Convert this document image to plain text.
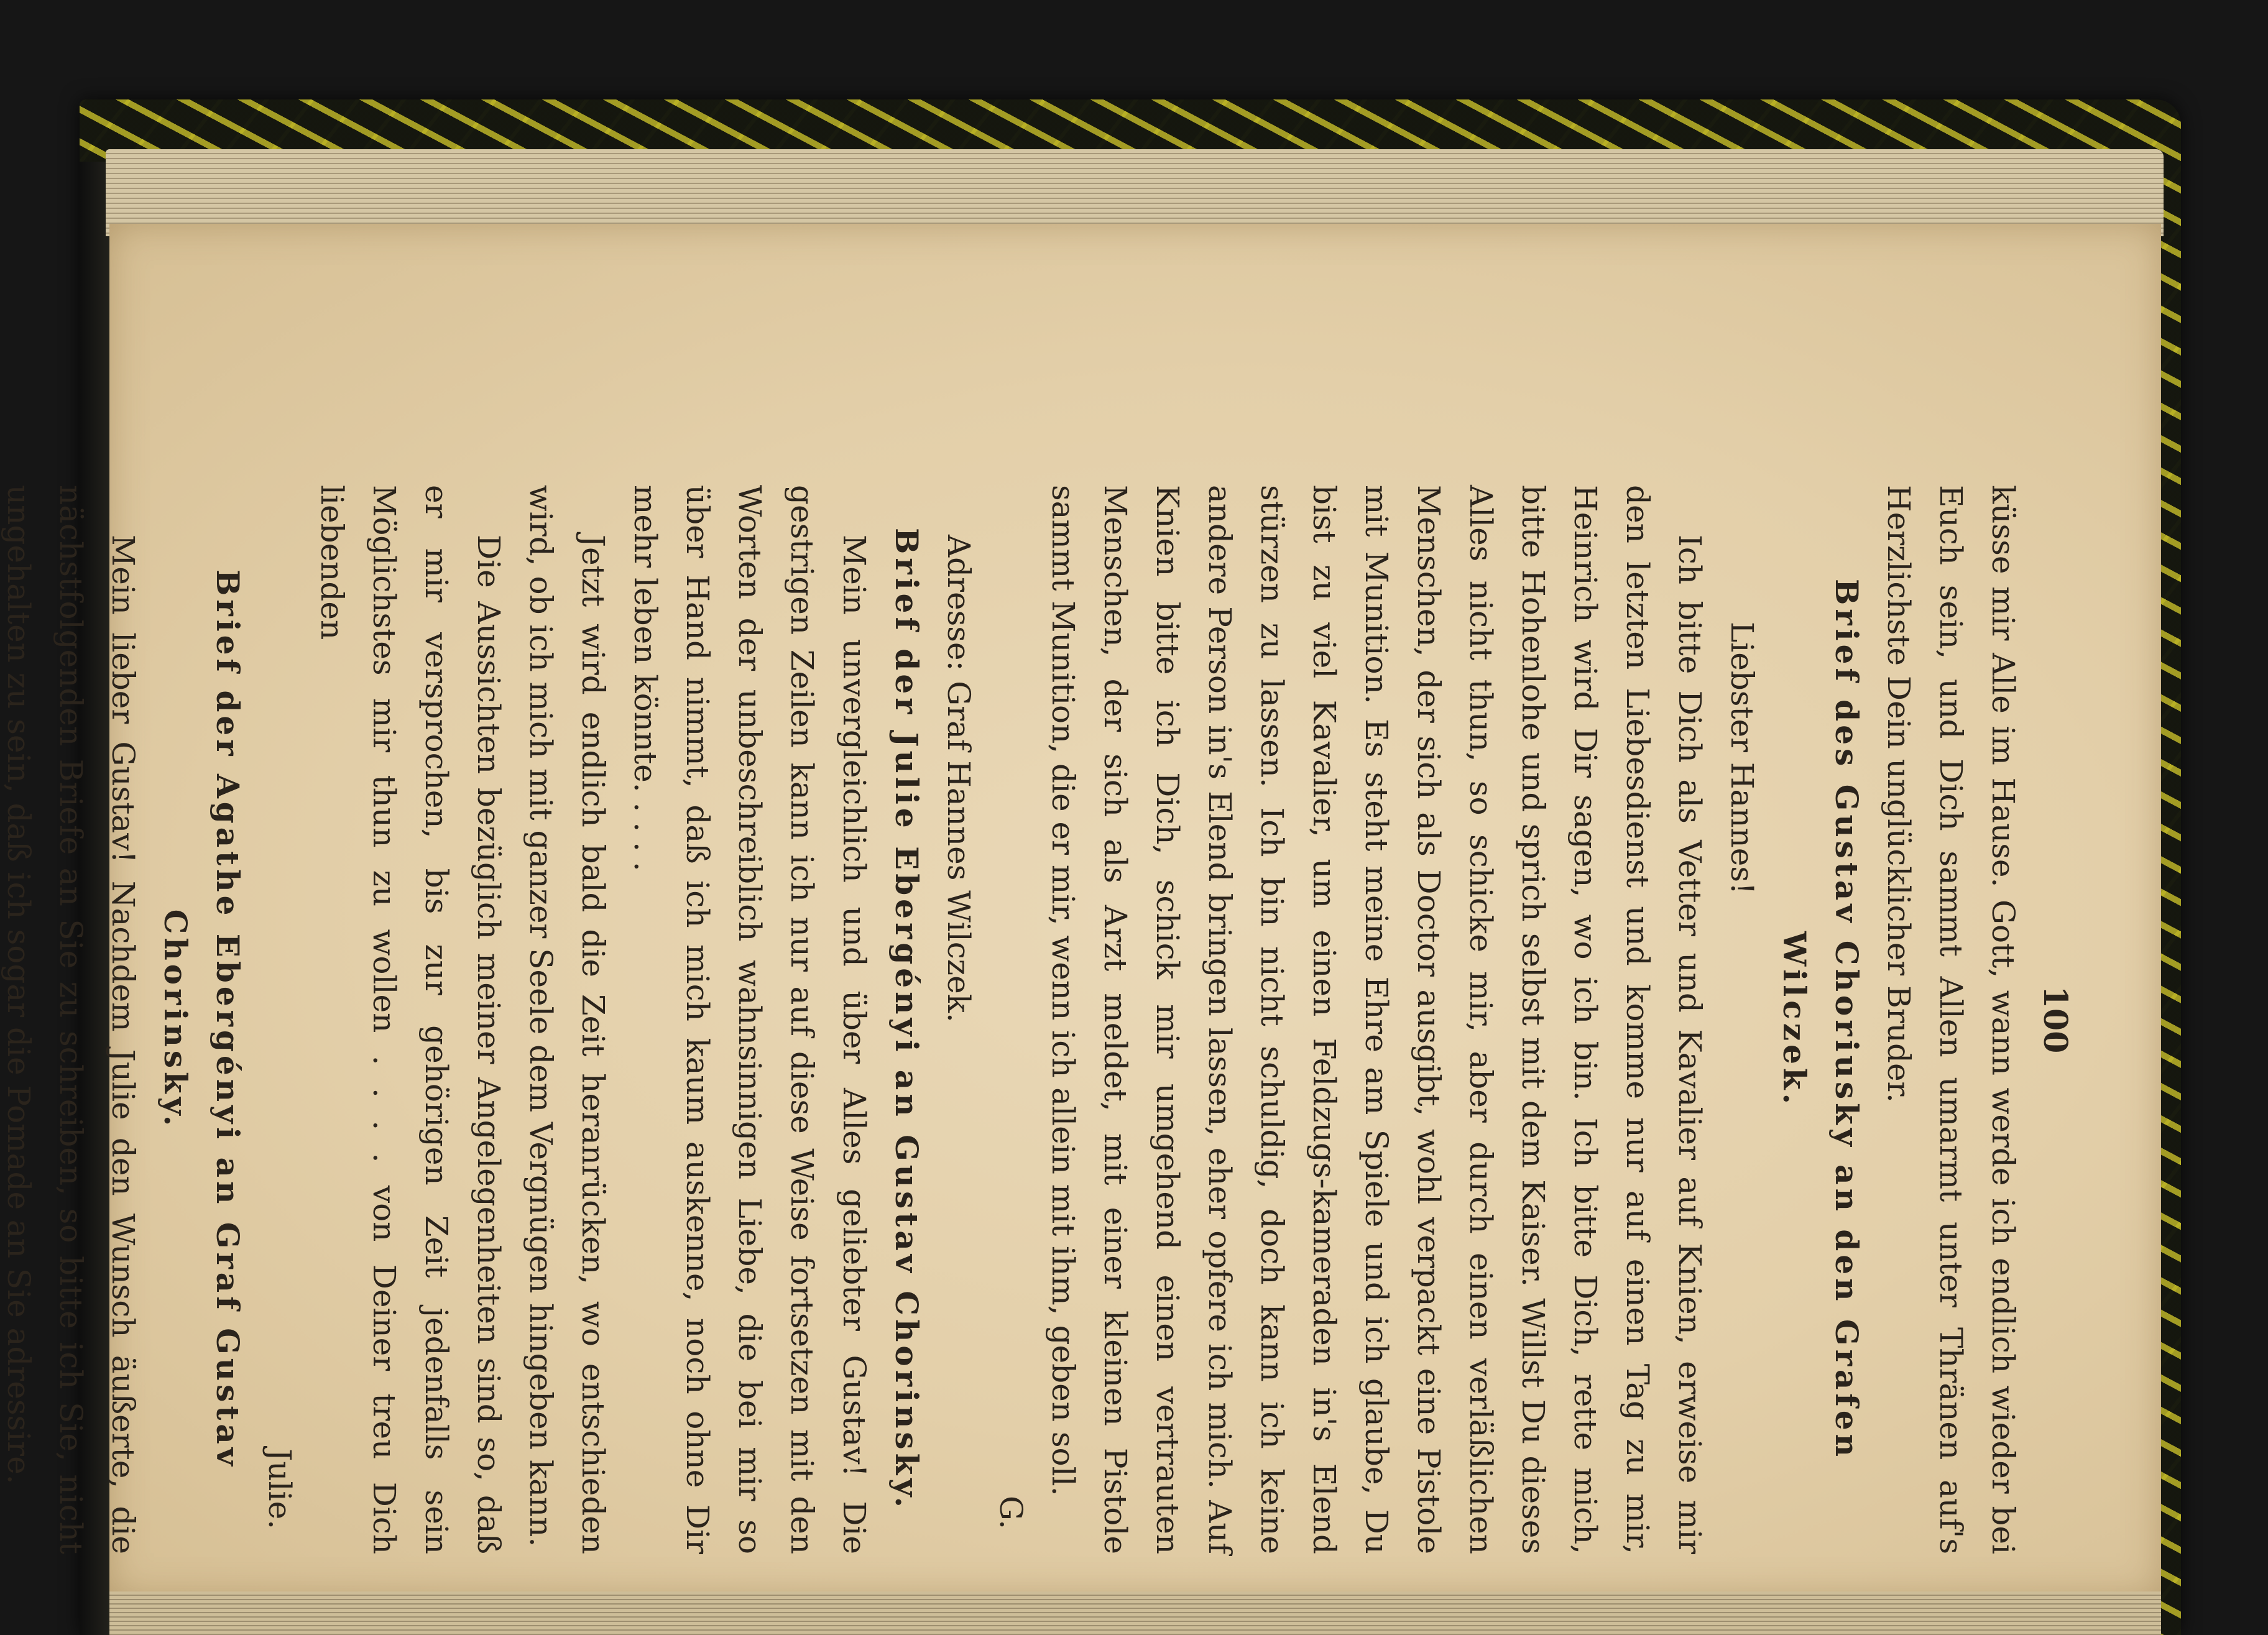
100

küsse mir Alle im Hause. Gott, wann werde ich endlich wieder bei Euch sein, und Dich sammt Allen umarmt unter Thränen auf's Herzlichste Dein unglücklicher Bruder.

Brief des Gustav Choriusky an den Grafen Wilczek.

Liebster Hannes!

Ich bitte Dich als Vetter und Kavalier auf Knien, erweise mir den letzten Liebesdienst und komme nur auf einen Tag zu mir, Heinrich wird Dir sagen, wo ich bin. Ich bitte Dich, rette mich, bitte Hohenlohe und sprich selbst mit dem Kaiser. Willst Du dieses Alles nicht thun, so schicke mir, aber durch einen verläßlichen Menschen, der sich als Doctor ausgibt, wohl verpackt eine Pistole mit Munition. Es steht meine Ehre am Spiele und ich glaube, Du bist zu viel Kavalier, um einen Feldzugs-kameraden in's Elend stürzen zu lassen. Ich bin nicht schuldig, doch kann ich keine andere Person in's Elend bringen lassen, eher opfere ich mich. Auf Knien bitte ich Dich, schick mir umgehend einen vertrauten Menschen, der sich als Arzt meldet, mit einer kleinen Pistole sammt Munition, die er mir, wenn ich allein mit ihm, geben soll.

G.

Adresse: Graf Hannes Wilczek.

Brief der Julie Ebergényi an Gustav Chorinsky.

Mein unvergleichlich und über Alles geliebter Gustav! Die gestrigen Zeilen kann ich nur auf diese Weise fortsetzen mit den Worten der unbeschreiblich wahnsinnigen Liebe, die bei mir so über Hand nimmt, daß ich mich kaum auskenne, noch ohne Dir mehr leben könnte. . . . .

Jetzt wird endlich bald die Zeit heranrücken, wo entschieden wird, ob ich mich mit ganzer Seele dem Vergnügen hingeben kann.

Die Aussichten bezüglich meiner Angelegenheiten sind so, daß er mir versprochen, bis zur gehörigen Zeit jedenfalls sein Möglichstes mir thun zu wollen . . . . von Deiner treu Dich liebenden

Julie.

Brief der Agathe Ebergényi an Graf Gustav Chorinsky.

Mein lieber Gustav! Nachdem Julie den Wunsch äußerte, die nächstfolgenden Briefe an Sie zu schreiben, so bitte ich Sie, nicht ungehalten zu sein, daß ich sogar die Pomade an Sie adressire.
